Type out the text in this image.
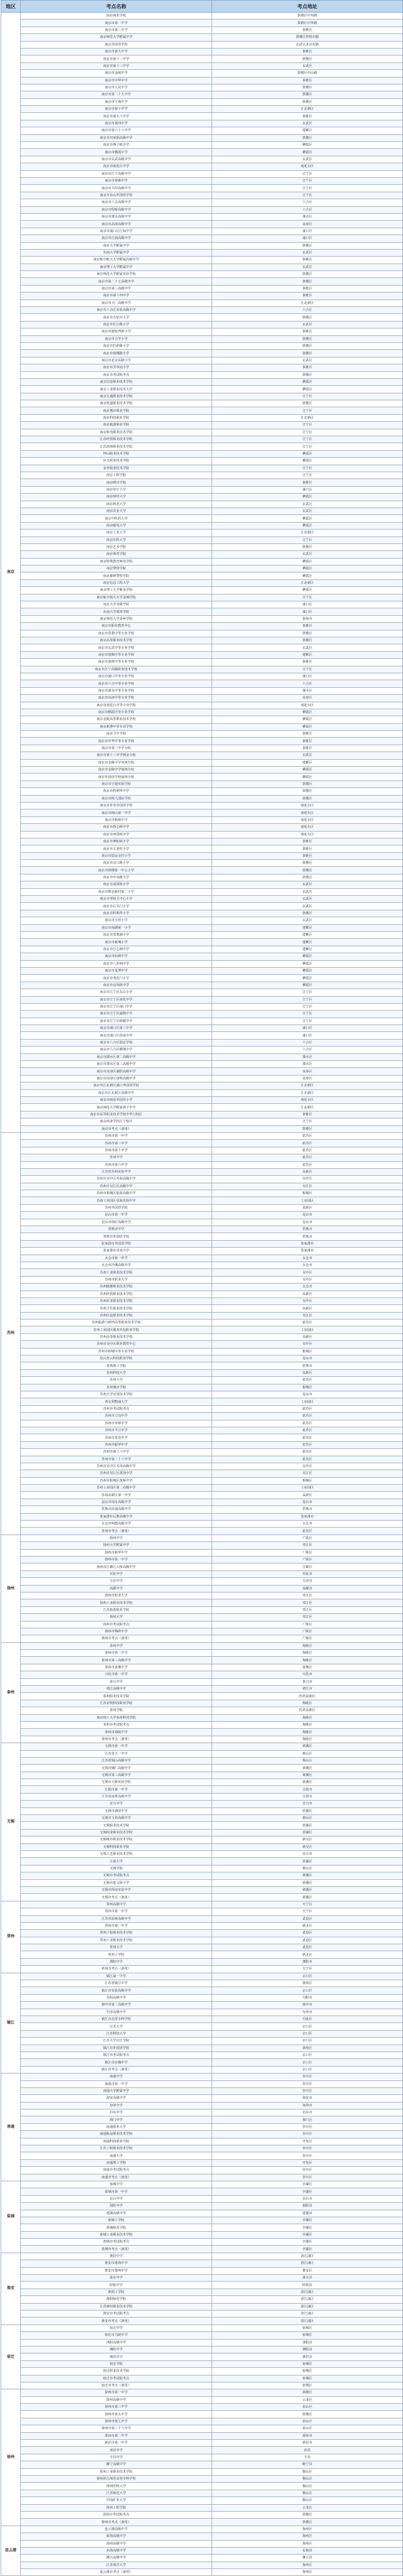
地区	考点名称	考点地址
南京	南京商业学校	鼓楼区中央路
	南京市第一中学	秦淮区中华路
	南京市第三中学	秦淮区
	南京师范大学附属中学	鼓楼区察哈尔路
	南京外国语学校	玄武区北京东路
	南京市第九中学	秦淮区
	南京市第十二中学	鼓楼区
	南京市第十三中学	玄武区
	南京市金陵中学	鼓楼区中山路
	南京市中华中学	秦淮区
	南京市人民中学	鼓楼区
	南京市第二十九中学	鼓楼区
	南京市宁海中学	鼓楼区
	南京市第十中学	江北新区
	南京市第五十中学	秦淮区
	南京市第四中学	玄武区
	南京市第六十六中学	建邺区
	南京市田家炳高级中学	鼓楼区
	南京市燕子矶中学	栖霞区
	南京市栖霞中学	栖霞区
	南京市玄武高级中学	玄武区
	南京市雨花台中学	雨花台区
	南京市江宁高级中学	江宁区
	南京市秦淮中学	江宁区
	南京市天印高级中学	江宁区
	南京市东山外国语学校	江宁区
	南京市六合高级中学	六合区
	南京市程桥高级中学	六合区
	南京市溧水高级中学	溧水区
	南京市高淳高级中学	高淳区
	南京市浦口区行知中学	浦口区
	南京市江浦高级中学	浦口区
	南京大学附属中学	鼓楼区
	东南大学附属中学	玄武区
	南京航空航天大学附属高级中学	秦淮区
	南京理工大学附属中学	玄武区
	南京师范大学附属实验学校	鼓楼区
	南京市第二十七高级中学	鼓楼区
	南京市第三高级中学	秦淮区
	南京市第十四中学	秦淮区
	南京市大厂高级中学	江北新区
	南京市六合区实验高级中学	六合区
	南京市天妃宫小学	鼓楼区
	南京市长江路小学	玄武区
	南京市游府西街小学	秦淮区
	南京市力学小学	鼓楼区
	南京市拉萨路小学	鼓楼区
	南京市琅琊路小学	鼓楼区
	南京市北京东路小学	玄武区
	南京市芳草园小学	秦淮区
	南京市考试院考点	鼓楼区
	南京信息职业技术学院	栖霞区
	南京工业职业技术大学	栖霞区
	南京交通职业技术学院	江宁区
	南京铁道职业技术学院	鼓楼区
	南京城市职业学院	江宁区
	南京科技职业学院	江北新区
	南京旅游职业学院	江宁区
	南京机电职业技术学院	江宁区
	江苏经贸职业技术学院	江宁区
	江苏海事职业技术学院	江宁区
	钟山职业技术学院	栖霞区
	应天职业技术学院	栖霞区
	金肯职业技术学院	江宁区
	南京工程学院	江宁区
	南京晓庄学院	秦淮区
	南京审计大学	浦口区
	南京财经大学	栖霞区
	南京林业大学	玄武区
	南京农业大学	玄武区
	南京中医药大学	栖霞区
	南京邮电大学	栖霞区
	南京工业大学	江北新区
	南京医科大学	江宁区
	南京艺术学院	鼓楼区
	南京体育学院	玄武区
	南京特殊教育师范学院	栖霞区
	南京警察学院	栖霞区
	南京森林警察学院	栖霞区
	南京信息工程大学	江北新区
	南京理工大学紫金学院	栖霞区
	南京航空航天大学金城学院	江宁区
	南京大学金陵学院	浦口区
	东南大学成贤学院	浦口区
	南京师范大学泰州学院	泰州市
	南京市职业教育中心	秦淮区
	南京市莫愁中等专业学校	鼓楼区
	南京高等职业技术学校	鼓楼区
	南京市玄武中等专业学校	玄武区
	南京市建邺中等专业学校	建邺区
	南京市秦淮中等专业学校	秦淮区
	南京市江宁高级职业技术学校	江宁区
	南京市浦口中等专业学校	浦口区
	南京市六合中等专业学校	六合区
	南京市溧水中等专业学校	溧水区
	南京市高淳中等专业学校	高淳区
	南京市雨花台中等专业学校	雨花台区
	南京市栖霞中等专业学校	栖霞区
	南京金陵高等职业技术学校	栖霞区
	南京新港中等专业学校	栖霞区
	南京卫生学校	秦淮区
	南京市中华中等专业学校	秦淮区
	南京市第一中学分校	秦淮区
	南京市第十三中学锁金分校	玄武区
	南京市金陵中学河西分校	建邺区
	南京市金陵中学仙林分校	栖霞区
	南京外国语学校仙林分校	栖霞区
	南京市宇通实验学校	鼓楼区
	南京市科利华中学	鼓楼区
	南京市树人国际学校	鼓楼区
	南京市育英外国语学校	雨花台区
	南京市梅山第一中学	雨花台区
	南京市板桥中学	雨花台区
	南京市铁心桥中学	雨花台区
	南京市西善桥中学	雨花台区
	南京市赛虹桥小学	秦淮区
	南京市五老村小学	秦淮区
	南京市瑞金北村小学	秦淮区
	南京市汉口路小学	鼓楼区
	南京市鼓楼第一中心小学	鼓楼区
	南京市中央路小学	鼓楼区
	南京市成贤街小学	玄武区
	南京市锁金新村第二小学	玄武区
	南京市孝陵卫中心小学	玄武区
	南京市后宰门小学	玄武区
	南京市科利华小学	鼓楼区
	南京市小营小学	玄武区
	南京市南湖第一小学	建邺区
	南京市莫愁湖小学	建邺区
	南京市新城小学	建邺区
	南京市江心洲中学	建邺区
	南京市仙林中学	栖霞区
	南京市八卦洲中学	栖霞区
	南京市龙潭中学	栖霞区
	南京市尧化门小学	栖霞区
	南京市迈皋桥中学	栖霞区
	南京市江宁区东山小学	江宁区
	南京市江宁区淳化中学	江宁区
	南京市江宁区禄口中学	江宁区
	南京市江宁区湖熟中学	江宁区
	南京市江宁区秣陵中学	江宁区
	南京市浦口区第三中学	浦口区
	南京市浦口区汤泉中学	浦口区
	南京市六合区励志学校	六合区
	南京市六合区横梁中学	六合区
	南京市溧水区第二高级中学	溧水区
	南京市溧水区第三高级中学	溧水区
	南京市高淳区湖滨高级中学	高淳区
	南京市高淳区淳辉高级中学	高淳区
	南京市江北新区浦口外国语学校	江北新区
	南京市江北新区高级中学	江北新区
	南京市雨花外国语小学	雨花台区
	南京师范大学附属扬子中学	江北新区
	南京市高等职业技术学校中华门校区	秦淮区
	南京商业学校江宁校区	江宁区
	南京市考点（备用）	鼓楼区
苏州	苏州市第一中学	姑苏区
	苏州市第三中学	姑苏区
	苏州市第十中学	姑苏区
	苏州中学	姑苏区
	苏州市第六中学	姑苏区
	江苏省苏州实验中学	高新区
	苏州市吴中区苏苑高级中学	吴中区
	苏州市吴江区高级中学	吴江区
	苏州市相城区陆慕高级中学	相城区
	苏州工业园区星海实验中学	工业园区
	苏州外国语学校	高新区
	昆山市第一中学	昆山市
	昆山市柏庐高级中学	昆山市
	常熟市中学	常熟市
	常熟市外国语学校	常熟市
	张家港市外国语学校	张家港市
	张家港市崇真中学	张家港市
	太仓市第一中学	太仓市
	太仓市沙溪高级中学	太仓市
	苏州工业职业技术学院	吴中区
	苏州市职业大学	吴中区
	苏州健雄职业技术学院	太仓市
	苏州经贸职业技术学院	高新区
	苏州农业职业技术学院	吴中区
	苏州卫生职业技术学院	高新区
	苏州信息职业技术学院	吴江区
	苏州旅游与财经高等职业技术学校	姑苏区
	苏州工业园区服务外包职业学院	工业园区
	苏州高等职业技术学校	高新区
	苏州市吴中区职业教育中心	吴中区
	苏州市相城中等专业学校	相城区
	昆山登云科技职业学院	昆山市
	常熟理工学院	常熟市
	苏州科技大学	高新区
	苏州大学	姑苏区
	苏州城市学院	相城区
	苏州大学应用技术学院	昆山市
	西交利物浦大学	工业园区
	苏州市考试院考点	姑苏区
	苏州市立达中学	姑苏区
	苏州市草桥中学	姑苏区
	苏州市平江中学	姑苏区
	苏州市景范中学	姑苏区
	苏州市振华中学	姑苏区
	苏州市第十六中学	姑苏区
	苏州市第二十六中学	姑苏区
	苏州市吴中区木渎高级中学	吴中区
	苏州市吴江区震泽中学	吴江区
	苏州市相城区黄桥中学	相城区
	苏州工业园区第二高级中学	工业园区
	苏州高新区第一中学	高新区
	昆山市周市高级中学	昆山市
	常熟市浒浦高级中学	常熟市
	张家港市后塍高级中学	张家港市
	太仓市明德高级中学	太仓市
	苏州市考点（备用）	姑苏区
扬州	扬州中学	广陵区
	扬州大学附属中学	邗江区
	扬州市新华中学	广陵区
	扬州市第一中学	广陵区
	扬州市江都区大桥高级中学	江都区
	仪征中学	仪征市
	宝应中学	宝应县
	高邮中学	高邮市
	扬州市职业大学	邗江区
	扬州工业职业技术学院	邗江区
	江苏旅游职业学院	邗江区
	扬州大学	邗江区
	扬州市考试院考点	广陵区
	扬州市梅岭中学	广陵区
	扬州市考点（备用）	广陵区
泰州	泰州中学	海陵区
	泰州市第二中学	海陵区
	泰州市第三高级中学	海陵区
	泰州市姜堰中学	姜堰区
	兴化市第一中学	兴化市
	泰兴中学	泰兴市
	靖江高级中学	靖江市
	泰州职业技术学院	医药高新区
	江苏农牧科技职业学院	海陵区
	泰州学院	医药高新区
	南京理工大学泰州科技学院	海陵区
	泰州市考试院考点	海陵区
	泰州市海陵中学	海陵区
	泰州市考点（备用）	海陵区
无锡	无锡市第一中学	梁溪区
	江苏省天一中学	惠山区
	江苏省锡山高级中学	锡山区
	无锡市辅仁高级中学	梁溪区
	无锡市第三高级中学	梁溪区
	无锡市大桥实验学校	梁溪区
	江阴市第一中学	江阴市
	江苏省南菁高级中学	江阴市
	宜兴中学	宜兴市
	无锡市湖滨中学	滨湖区
	无锡市玉祁高级中学	惠山区
	无锡职业技术学院	滨湖区
	无锡商业职业技术学院	滨湖区
	无锡城市职业技术学院	新吴区
	无锡科技职业学院	新吴区
	无锡工艺职业技术学院	宜兴市
	江南大学	滨湖区
	无锡学院	锡山区
	无锡市考试院考点	梁溪区
	无锡市连元街小学	梁溪区
	无锡市侨谊实验中学	梁溪区
	无锡市考点（备用）	梁溪区
常州	常州高级中学	天宁区
	常州市第一中学	天宁区
	江苏省前黄高级中学	武进区
	常州市第二中学	新北区
	常州工程职业技术学院	武进区
	常州工业职业技术学院	武进区
	常州大学	武进区
	常州工学院	新北区
	溧阳中学	溧阳市
	常州市考点（备用）	天宁区
镇江	镇江第一中学	京口区
	江苏省镇江中学	润州区
	镇江市实验高级中学	京口区
	丹阳高级中学	丹阳市
	扬中市第二高级中学	扬中市
	句容高级中学	句容市
	镇江市高等专科学校	丹徒区
	江苏大学	京口区
	江苏科技大学	京口区
	江苏大学京江学院	京口区
	镇江市外国语学校	润州区
	镇江市考试院考点	京口区
	镇江市宜城中学	京口区
	镇江市考点（备用）	京口区
南通	南通中学	崇川区
	南通市第一中学	崇川区
	南通大学附属中学	崇川区
	海安高级中学	海安市
	如皋中学	如皋市
	启东中学	启东市
	海门中学	海门区
	南通职业大学	崇川区
	南通航运职业技术学院	崇川区
	南通科技职业学院	开发区
	江苏工程职业技术学院	崇川区
	南通大学	崇川区
	南通理工学院	开发区
	南通市考试院考点	崇川区
	南通市考点（备用）	崇川区
盐城	盐城中学	亭湖区
	盐城市第一中学	亭湖区
	东台中学	东台市
	射阳中学	射阳县
	建湖高级中学	建湖县
	盐城工学院	亭湖区
	盐城师范学院	亭湖区
	盐城工业职业技术学院	亭湖区
	盐城市考试院考点	亭湖区
	盐城市考点（备用）	亭湖区
淮安	淮阴中学	清江浦区
	淮安市淮海中学	清江浦区
	淮安市楚州中学	淮安区
	涟水中学	涟水县
	盱眙中学	盱眙县
	淮阴工学院	清江浦区
	淮阴师范学院	清江浦区
	江苏财经职业技术学院	清江浦区
	淮安市考试院考点	清江浦区
	淮安市考点（备用）	清江浦区
宿迁	宿迁中学	宿城区
	宿迁市马陵中学	宿城区
	沭阳高级中学	沭阳县
	泗阳中学	泗阳县
	泗洪中学	泗洪县
	宿迁学院	宿城区
	宿迁职业技术学院	宿城区
	宿迁市考试院考点	宿城区
	宿迁市考点（备用）	宿城区
徐州	徐州市第一中学	鼓楼区
	徐州高级中学	云龙区
	徐州市第三中学	泉山区
	徐州市第五中学	鼓楼区
	徐州市第七中学	泉山区
	徐州市第三十六中学	泉山区
	邳州市第二中学	邳州市
	新沂市第一中学	新沂市
	沛县中学	沛县
	丰县中学	丰县
	睢宁高级中学	睢宁县
	徐州工业职业技术学院	铜山区
	徐州幼儿师范高等专科学校	铜山区
	徐州医科大学	铜山区
	江苏师范大学	铜山区
	中国矿业大学	铜山区
	徐州工程学院	云龙区
	徐州市考试院考点	鼓楼区
	徐州市考点（备用）	鼓楼区
连云港	连云港高级中学	海州区
	新海高级中学	海州区
	海州高级中学	海州区
	东海高级中学	东海县
	灌云高级中学	灌云县
	江苏海洋大学	海州区
	连云港市考点（备用）	海州区
